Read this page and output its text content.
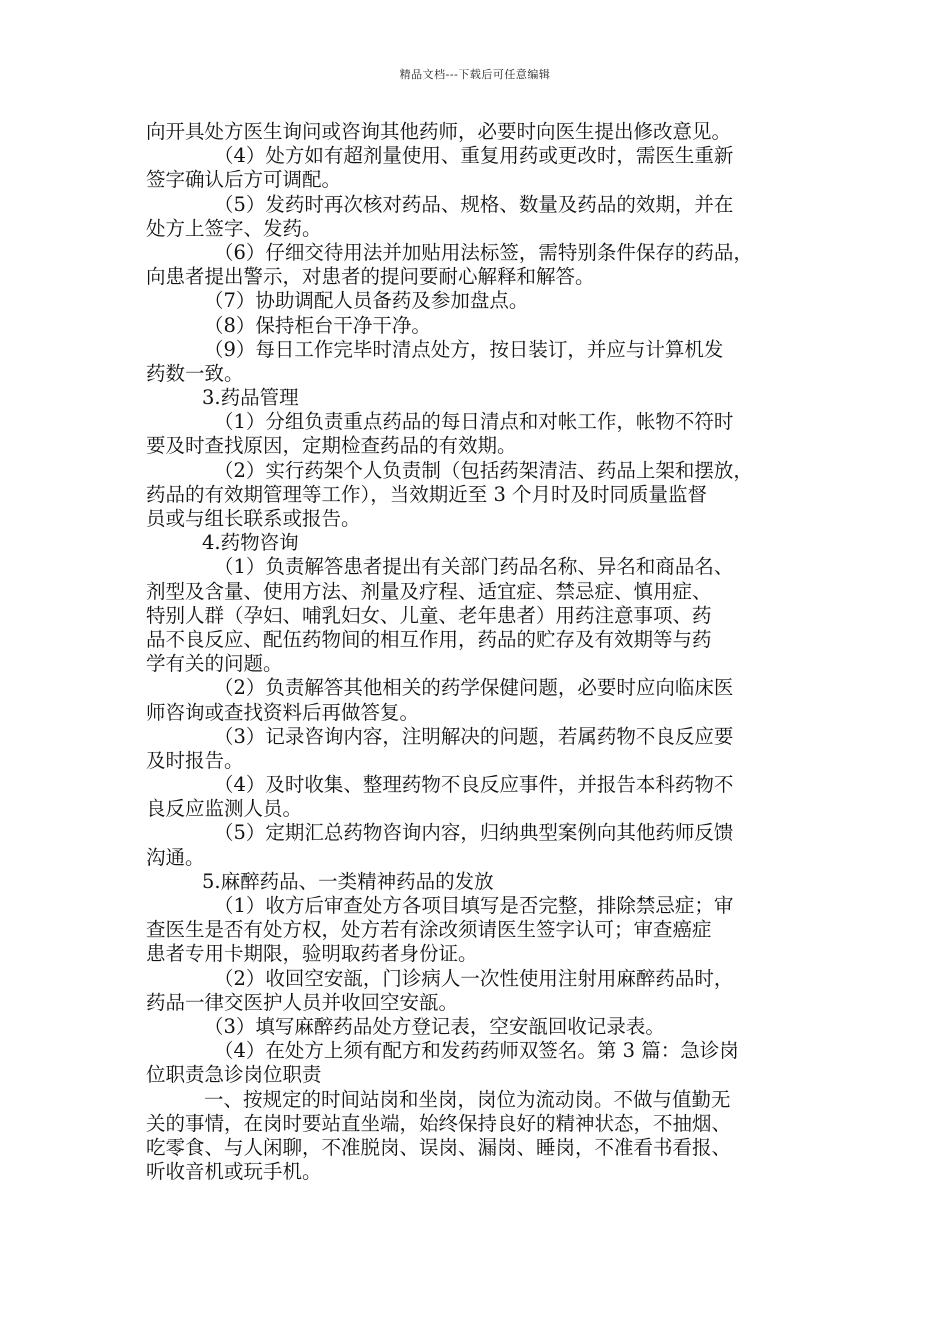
精品文档---下载后可任意编辑
向开具处方医生询问或咨询其他药师，必要时向医生提出修改意见。
（4）处方如有超剂量使用、重复用药或更改时，需医生重新
签字确认后方可调配。
（5）发药时再次核对药品、规格、数量及药品的效期，并在
处方上签字、发药。
（6）仔细交待用法并加贴用法标签，需特别条件保存的药品，
向患者提出警示，对患者的提问要耐心解释和解答。
（7）协助调配人员备药及参加盘点。
（8）保持柜台干净干净。
（9）每日工作完毕时清点处方，按日装订，并应与计算机发
药数一致。
3.药品管理
（1）分组负责重点药品的每日清点和对帐工作，帐物不符时
要及时查找原因，定期检查药品的有效期。
（2）实行药架个人负责制（包括药架清洁、药品上架和摆放，
药品的有效期管理等工作），当效期近至 3 个月时及时同质量监督
员或与组长联系或报告。
4.药物咨询
（1）负责解答患者提出有关部门药品名称、异名和商品名、
剂型及含量、使用方法、剂量及疗程、适宜症、禁忌症、慎用症、
特别人群（孕妇、哺乳妇女、儿童、老年患者）用药注意事项、药
品不良反应、配伍药物间的相互作用，药品的贮存及有效期等与药
学有关的问题。
（2）负责解答其他相关的药学保健问题，必要时应向临床医
师咨询或查找资料后再做答复。
（3）记录咨询内容，注明解决的问题，若属药物不良反应要
及时报告。
（4）及时收集、整理药物不良反应事件，并报告本科药物不
良反应监测人员。
（5）定期汇总药物咨询内容，归纳典型案例向其他药师反馈
沟通。
5.麻醉药品、一类精神药品的发放
（1）收方后审查处方各项目填写是否完整，排除禁忌症；审
查医生是否有处方权，处方若有涂改须请医生签字认可；审查癌症
患者专用卡期限，验明取药者身份证。
（2）收回空安瓿，门诊病人一次性使用注射用麻醉药品时，
药品一律交医护人员并收回空安瓿。
（3）填写麻醉药品处方登记表，空安瓿回收记录表。
（4）在处方上须有配方和发药药师双签名。第 3 篇：急诊岗
位职责急诊岗位职责
一、按规定的时间站岗和坐岗，岗位为流动岗。不做与值勤无
关的事情，在岗时要站直坐端，始终保持良好的精神状态，不抽烟、
吃零食、与人闲聊，不准脱岗、误岗、漏岗、睡岗，不准看书看报、
听收音机或玩手机。
